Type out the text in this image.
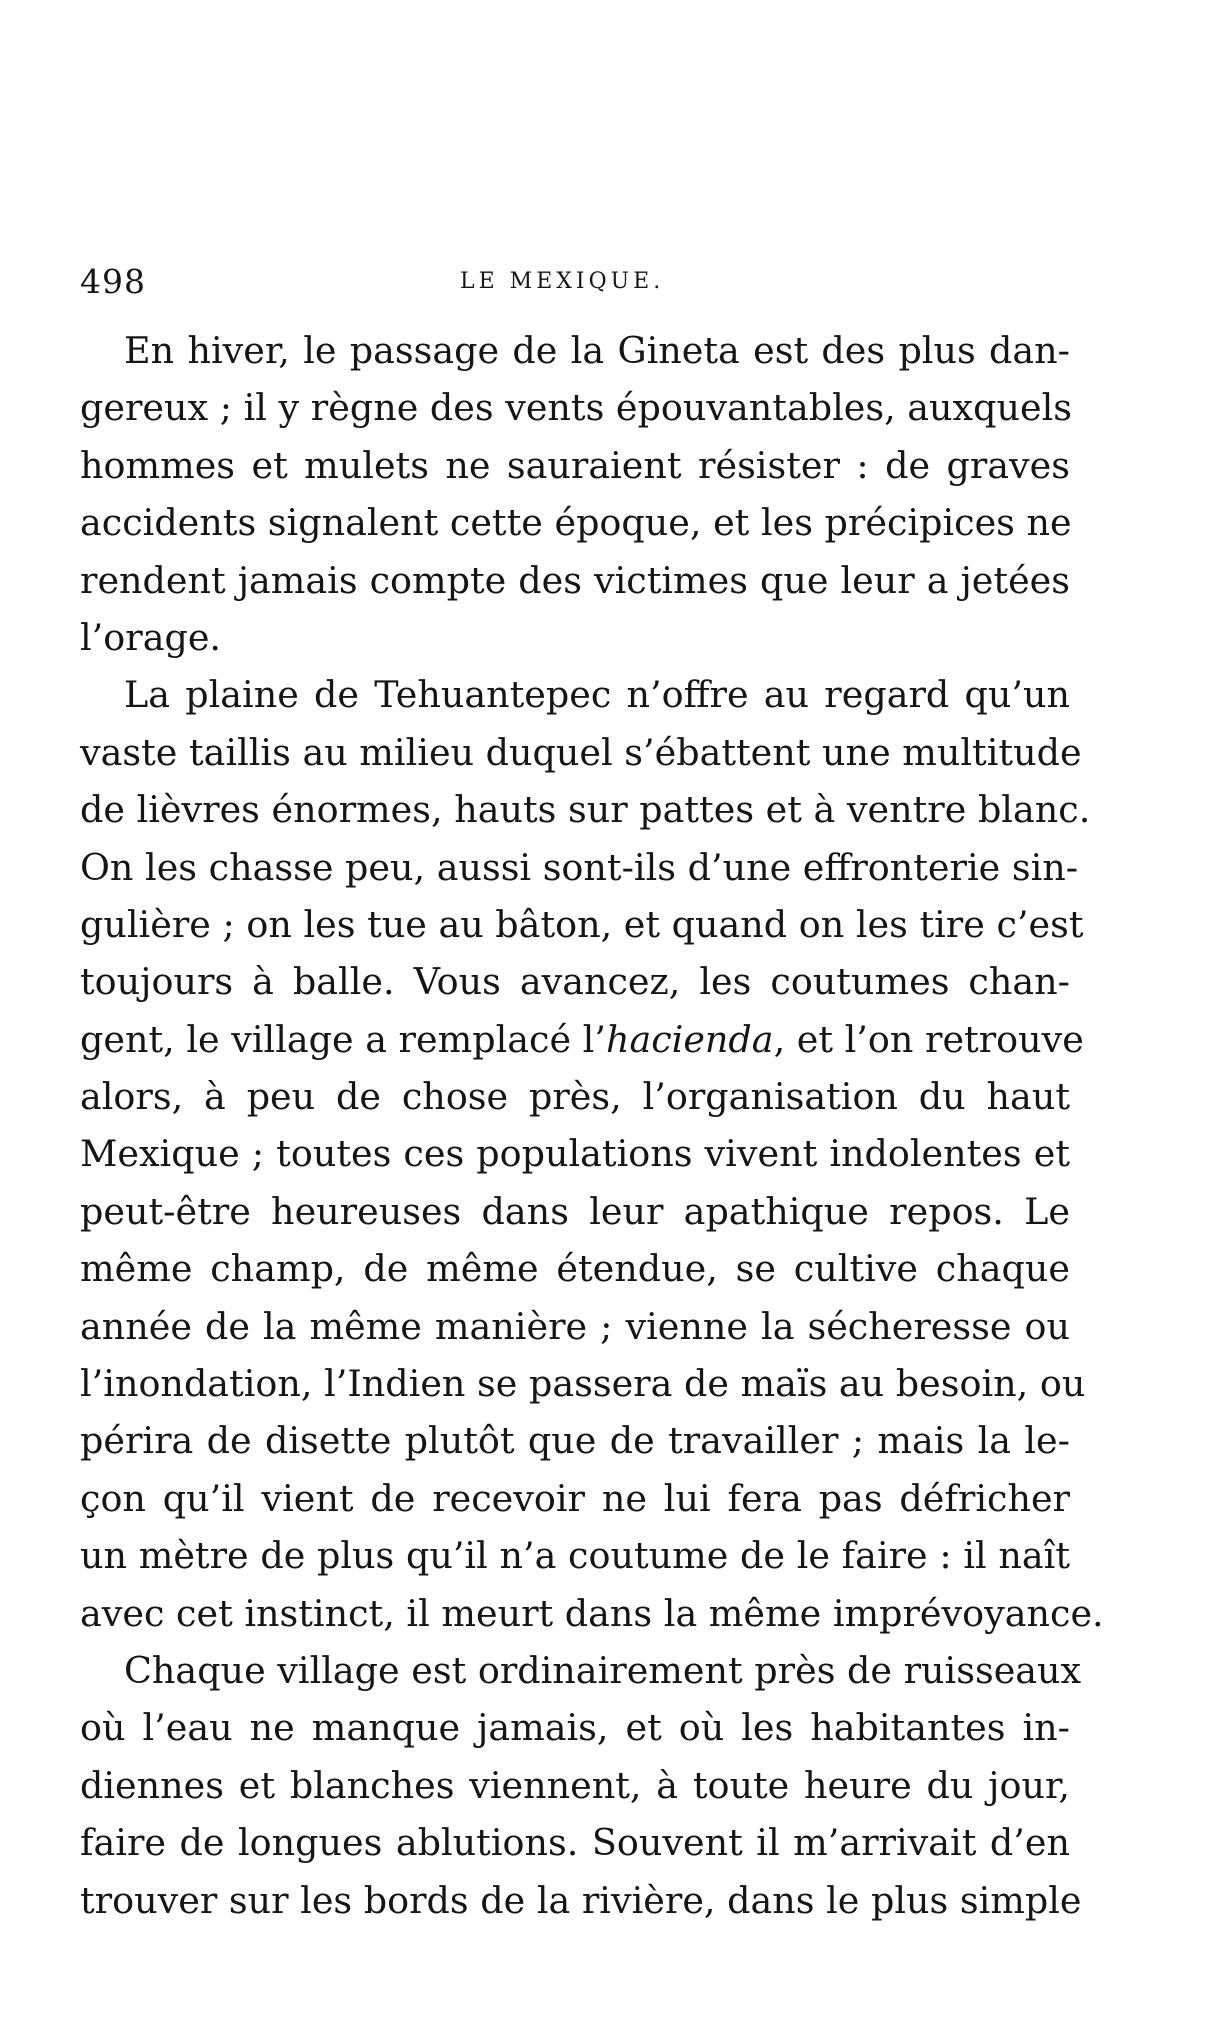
498	LE MEXIQUE.
En hiver, le passage de la Gineta est des plus dan-
gereux ; il y règne des vents épouvantables, auxquels
hommes et mulets ne sauraient résister : de graves
accidents signalent cette époque, et les précipices ne
rendent jamais compte des victimes que leur a jetées
l’orage.
La plaine de Tehuantepec n’offre au regard qu’un
vaste taillis au milieu duquel s’ébattent une multitude
de lièvres énormes, hauts sur pattes et à ventre blanc.
On les chasse peu, aussi sont-ils d’une effronterie sin-
gulière ; on les tue au bâton, et quand on les tire c’est
toujours à balle. Vous avancez, les coutumes chan-
gent, le village a remplacé l’hacienda, et l’on retrouve
alors, à peu de chose près, l’organisation du haut
Mexique ; toutes ces populations vivent indolentes et
peut-être heureuses dans leur apathique repos. Le
même champ, de même étendue, se cultive chaque
année de la même manière ; vienne la sécheresse ou
l’inondation, l’Indien se passera de maïs au besoin, ou
périra de disette plutôt que de travailler ; mais la le-
çon qu’il vient de recevoir ne lui fera pas défricher
un mètre de plus qu’il n’a coutume de le faire : il naît
avec cet instinct, il meurt dans la même imprévoyance.
Chaque village est ordinairement près de ruisseaux
où l’eau ne manque jamais, et où les habitantes in-
diennes et blanches viennent, à toute heure du jour,
faire de longues ablutions. Souvent il m’arrivait d’en
trouver sur les bords de la rivière, dans le plus simple
